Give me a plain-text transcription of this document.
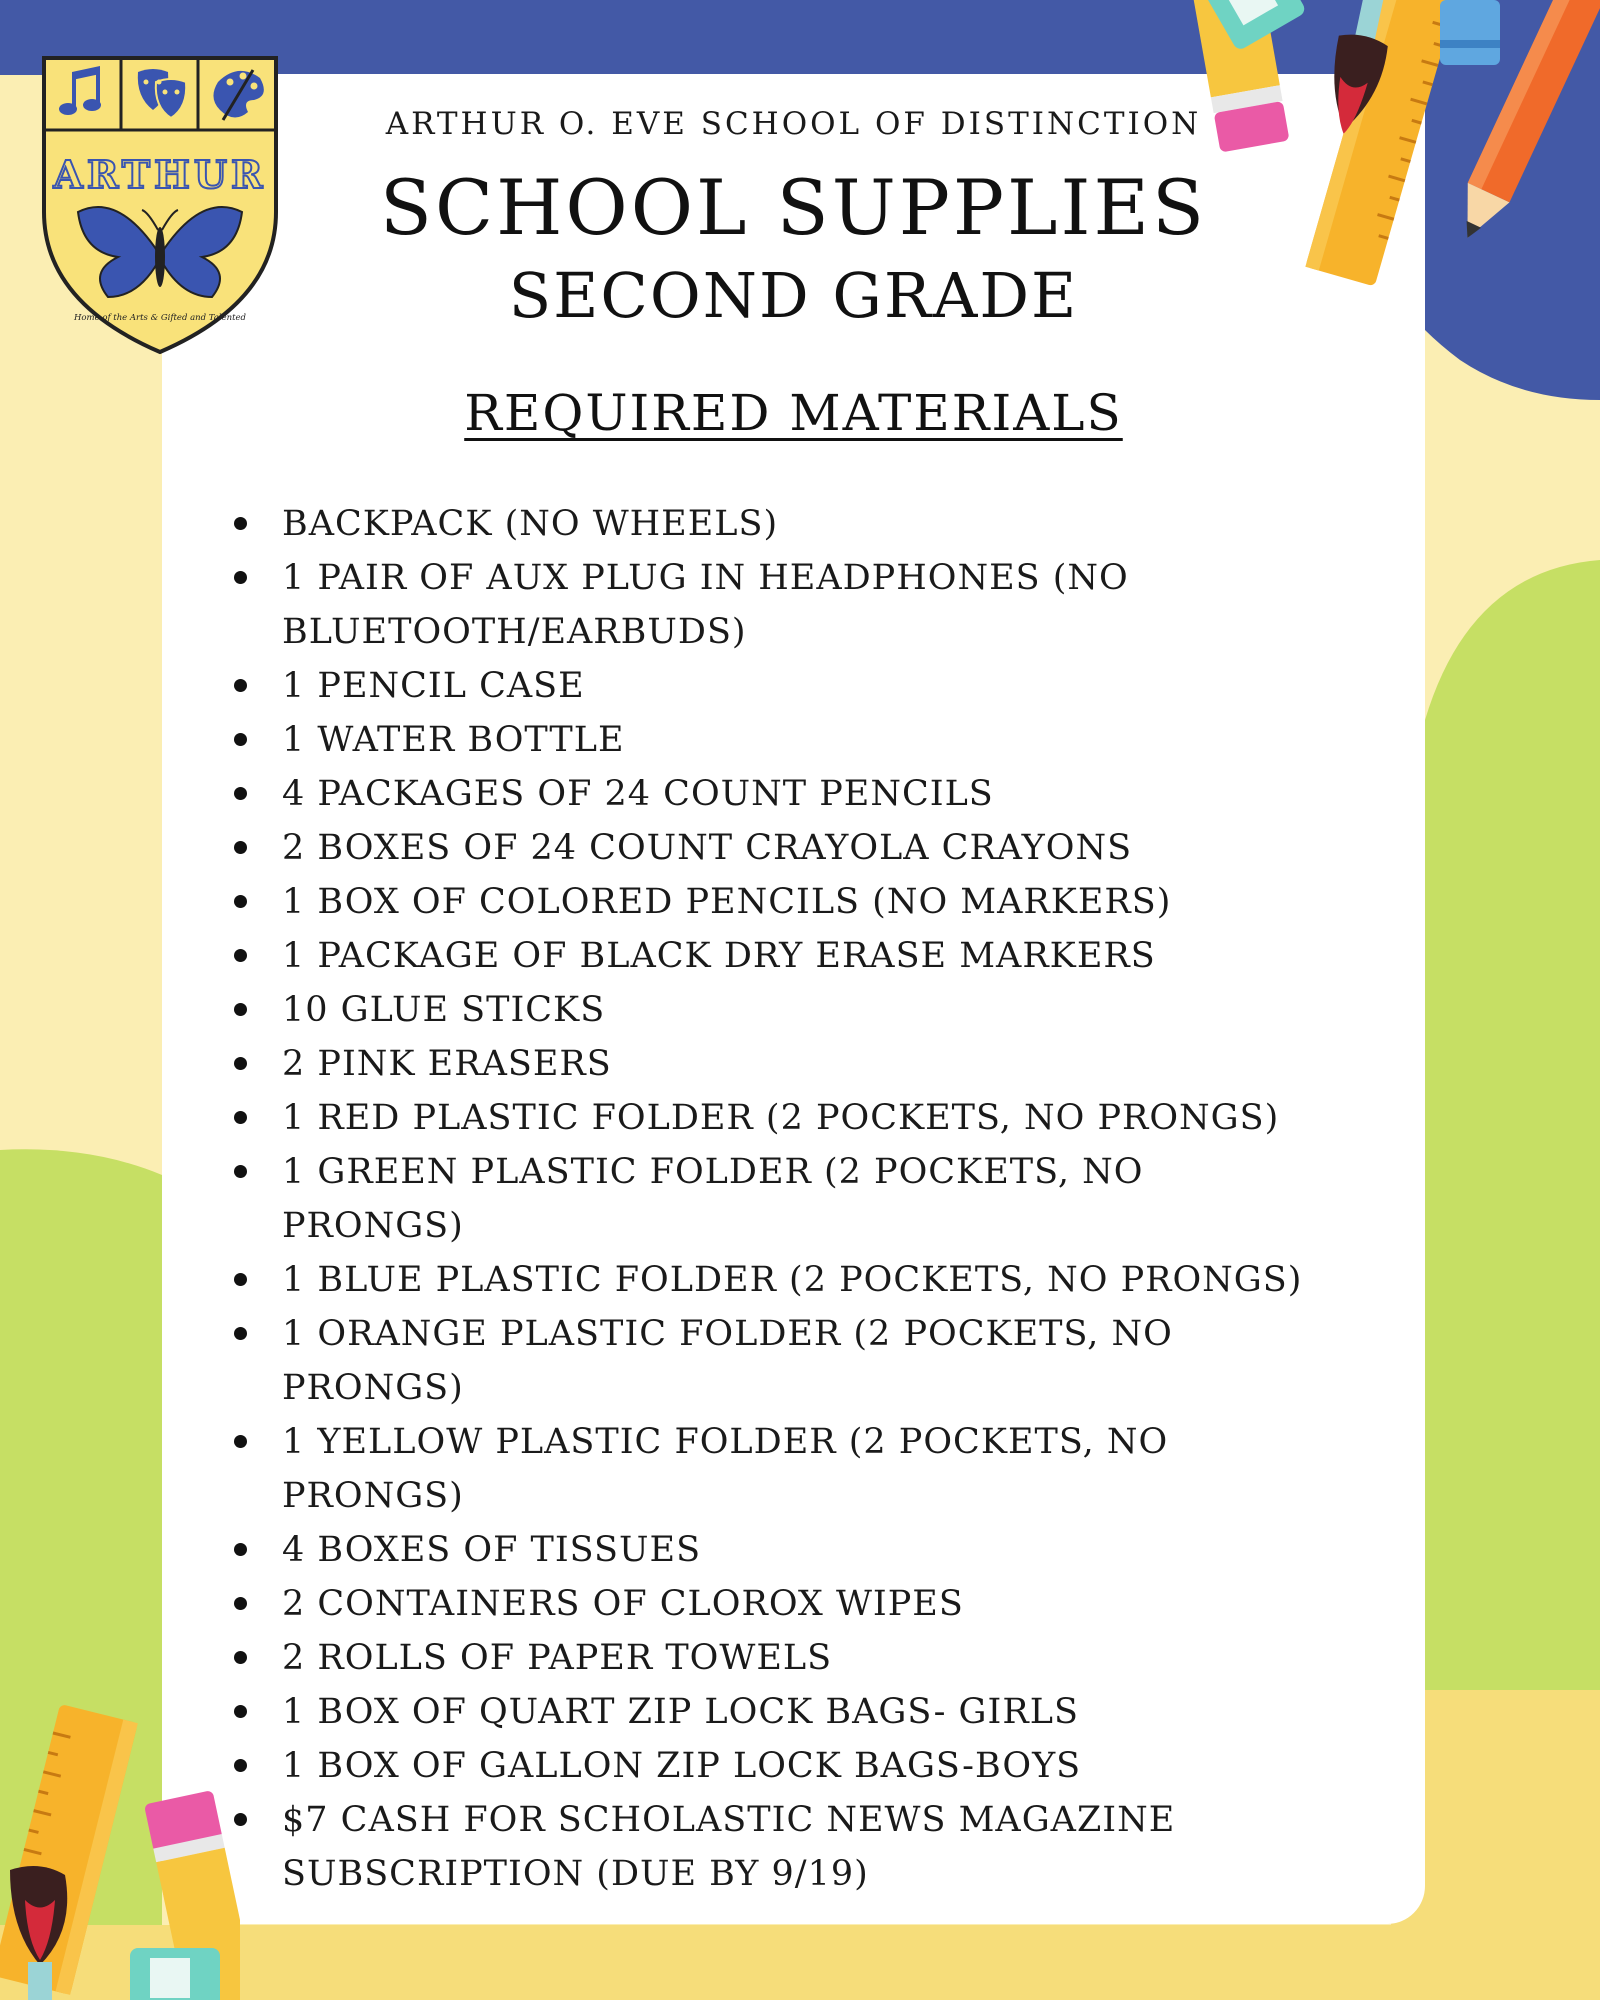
ARTHUR
Home of the Arts & Gifted and Talented
ARTHUR O. EVE SCHOOL OF DISTINCTION
SCHOOL SUPPLIES
SECOND GRADE
REQUIRED MATERIALS
BACKPACK (NO WHEELS)
1 PAIR OF AUX PLUG IN HEADPHONES (NO BLUETOOTH/EARBUDS)
1 PENCIL CASE
1 WATER BOTTLE
4 PACKAGES OF 24 COUNT PENCILS
2 BOXES OF 24 COUNT CRAYOLA CRAYONS
1 BOX OF COLORED PENCILS (NO MARKERS)
1 PACKAGE OF BLACK DRY ERASE MARKERS
10 GLUE STICKS
2 PINK ERASERS
1 RED PLASTIC FOLDER (2 POCKETS, NO PRONGS)
1 GREEN PLASTIC FOLDER (2 POCKETS, NO PRONGS)
1 BLUE PLASTIC FOLDER (2 POCKETS, NO PRONGS)
1 ORANGE PLASTIC FOLDER (2 POCKETS, NO PRONGS)
1 YELLOW PLASTIC FOLDER (2 POCKETS, NO PRONGS)
4 BOXES OF TISSUES
2 CONTAINERS OF CLOROX WIPES
2 ROLLS OF PAPER TOWELS
1 BOX OF QUART ZIP LOCK BAGS- GIRLS
1 BOX OF GALLON ZIP LOCK BAGS-BOYS
$7 CASH FOR SCHOLASTIC NEWS MAGAZINE SUBSCRIPTION (DUE BY 9/19)
